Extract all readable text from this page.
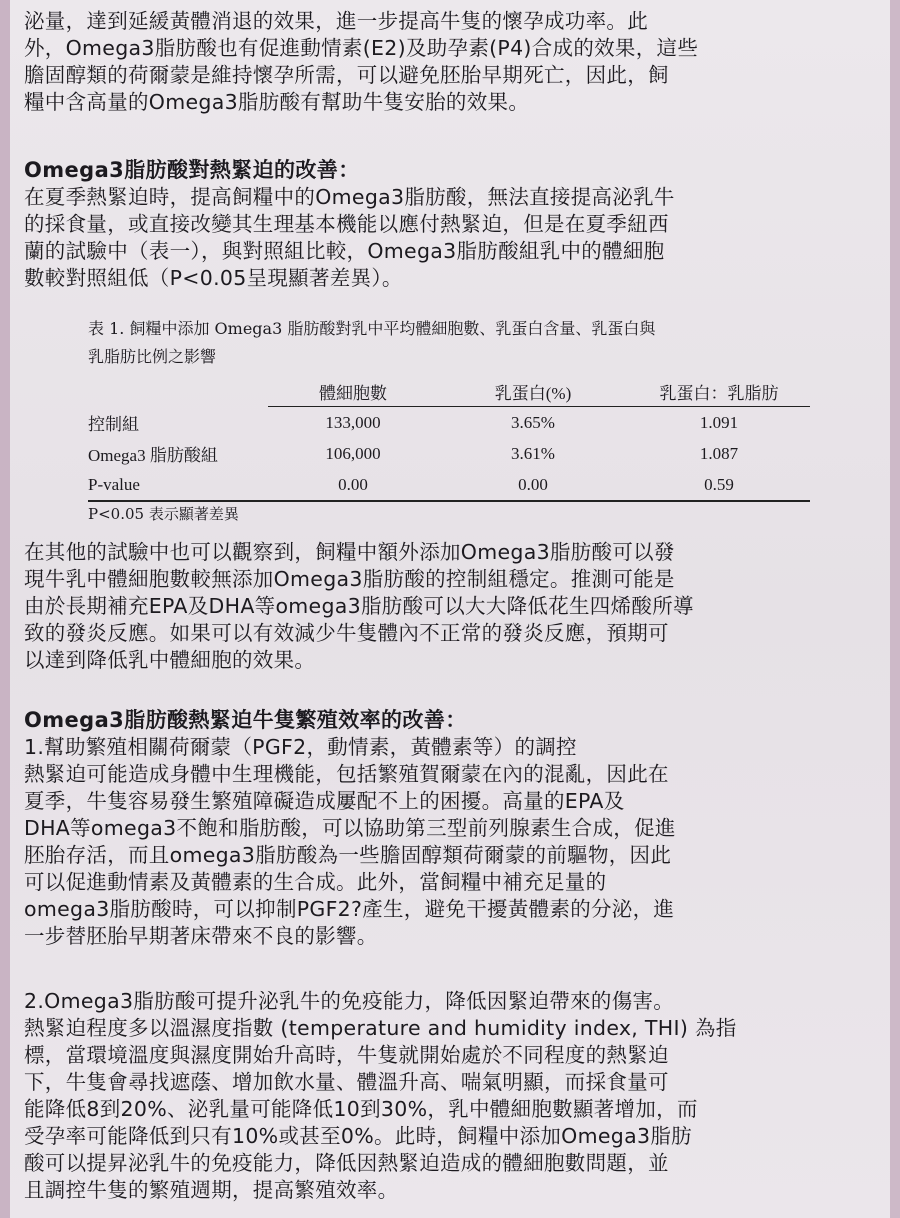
泌量，達到延緩黃體消退的效果，進一步提高牛隻的懷孕成功率。此
外，Omega3脂肪酸也有促進動情素(E2)及助孕素(P4)合成的效果，這些
膽固醇類的荷爾蒙是維持懷孕所需，可以避免胚胎早期死亡，因此，飼
糧中含高量的Omega3脂肪酸有幫助牛隻安胎的效果。
Omega3脂肪酸對熱緊迫的改善：
在夏季熱緊迫時，提高飼糧中的Omega3脂肪酸，無法直接提高泌乳牛
的採食量，或直接改變其生理基本機能以應付熱緊迫，但是在夏季紐西
蘭的試驗中（表一），與對照組比較，Omega3脂肪酸組乳中的體細胞
數較對照組低（P<0.05呈現顯著差異）。
表 1. 飼糧中添加 Omega3 脂肪酸對乳中平均體細胞數、乳蛋白含量、乳蛋白與
乳脂肪比例之影響
	體細胞數	乳蛋白(%)	乳蛋白：乳脂肪
控制組	133,000	3.65%	1.091
Omega3 脂肪酸組	106,000	3.61%	1.087
P-value	0.00	0.00	0.59
P<0.05 表示顯著差異
在其他的試驗中也可以觀察到，飼糧中額外添加Omega3脂肪酸可以發
現牛乳中體細胞數較無添加Omega3脂肪酸的控制組穩定。推測可能是
由於長期補充EPA及DHA等omega3脂肪酸可以大大降低花生四烯酸所導
致的發炎反應。如果可以有效減少牛隻體內不正常的發炎反應，預期可
以達到降低乳中體細胞的效果。
Omega3脂肪酸熱緊迫牛隻繁殖效率的改善：
1.幫助繁殖相關荷爾蒙（PGF2，動情素，黃體素等）的調控
熱緊迫可能造成身體中生理機能，包括繁殖賀爾蒙在內的混亂，因此在
夏季，牛隻容易發生繁殖障礙造成屢配不上的困擾。高量的EPA及
DHA等omega3不飽和脂肪酸，可以協助第三型前列腺素生合成，促進
胚胎存活，而且omega3脂肪酸為一些膽固醇類荷爾蒙的前驅物，因此
可以促進動情素及黃體素的生合成。此外，當飼糧中補充足量的
omega3脂肪酸時，可以抑制PGF2?產生，避免干擾黃體素的分泌，進
一步替胚胎早期著床帶來不良的影響。
2.Omega3脂肪酸可提升泌乳牛的免疫能力，降低因緊迫帶來的傷害。
熱緊迫程度多以溫濕度指數 (temperature and humidity index, THI) 為指
標，當環境溫度與濕度開始升高時，牛隻就開始處於不同程度的熱緊迫
下，牛隻會尋找遮蔭、增加飲水量、體溫升高、喘氣明顯，而採食量可
能降低8到20%、泌乳量可能降低10到30%，乳中體細胞數顯著增加，而
受孕率可能降低到只有10%或甚至0%。此時，飼糧中添加Omega3脂肪
酸可以提昇泌乳牛的免疫能力，降低因熱緊迫造成的體細胞數問題，並
且調控牛隻的繁殖週期，提高繁殖效率。
